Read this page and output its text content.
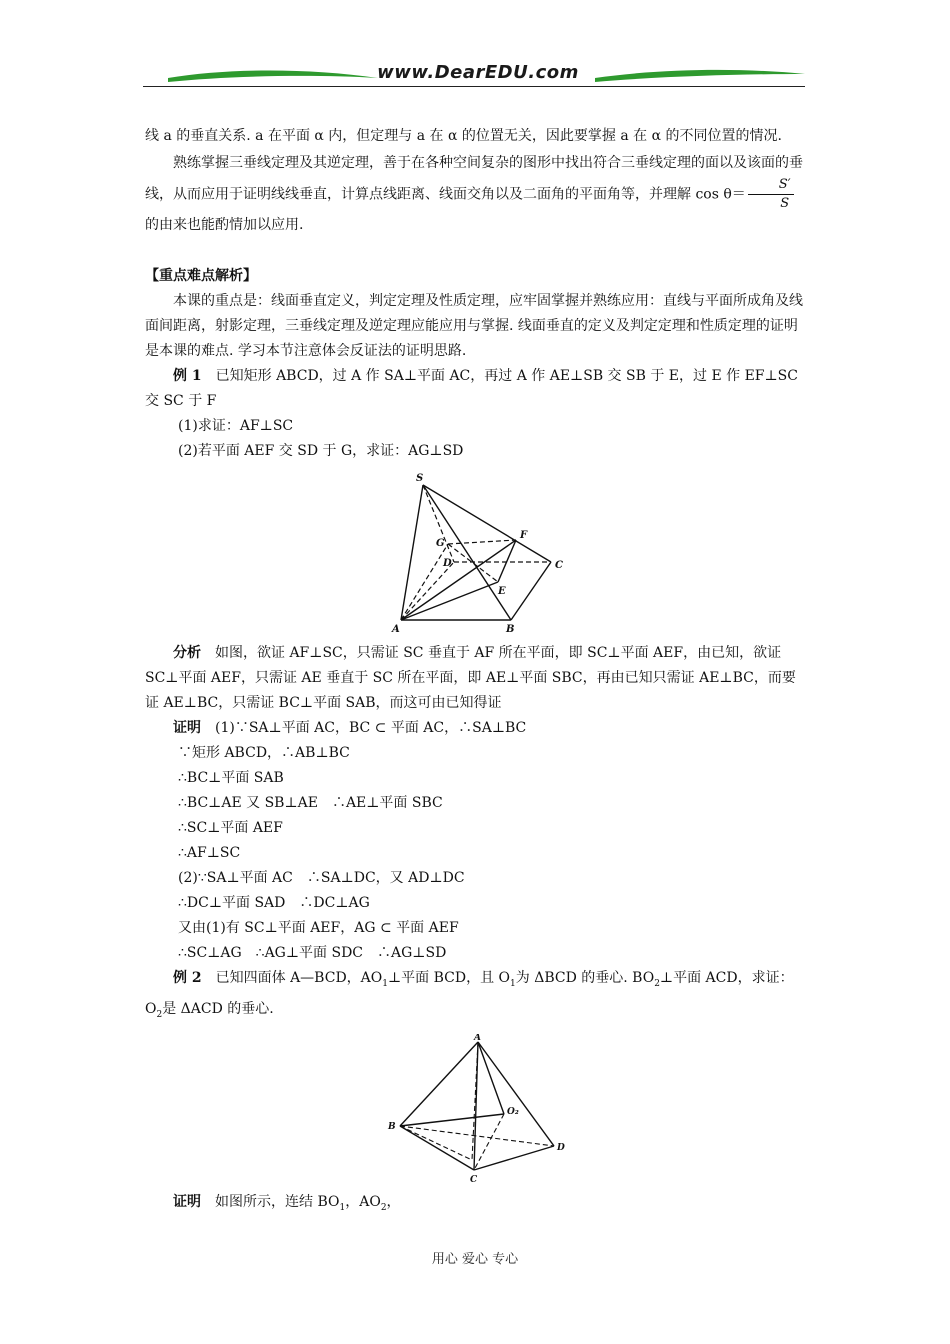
www.DearEDU.com

线 a 的垂直关系. a 在平面 α 内，但定理与 a 在 α 的位置无关，因此要掌握 a 在 α 的不同位置的情况.

熟练掌握三垂线定理及其逆定理，善于在各种空间复杂的图形中找出符合三垂线定理的面以及该面的垂线，从而应用于证明线线垂直，计算点线距离、线面交角以及二面角的平面角等，并理解 $\cos \theta= \frac{S'}{S}$
的由来也能酌情加以应用.

【重点难点解析】

本课的重点是：线面垂直定义，判定定理及性质定理，应牢固掌握并熟练应用：直线与平面所成角及线面间距离，射影定理，三垂线定理及逆定理应能应用与掌握. 线面垂直的定义及判定定理和性质定理的证明是本课的难点. 学习本节注意体会反证法的证明思路.

例 1　 已知矩形 ABCD，过 A 作 SA⊥平面 AC，再过 A 作 AE⊥SB 交 SB 于 E，过 E 作 EF⊥SC 交 SC 于 F

(1)求证：AF⊥SC

(2)若平面 AEF 交 SD 于 G，求证：AG⊥SD

S
G
F
D	C
E
A	B

分析　 如图，欲证 AF⊥SC，只需证 SC 垂直于 AF 所在平面，即 SC⊥平面 AEF，由已知，欲证 SC⊥平面 AEF，只需证 AE 垂直于 SC 所在平面，即 AE⊥平面 SBC，再由已知只需证 AE⊥BC，而要证 AE⊥BC，只需证 BC⊥平面 SAB，而这可由已知得证

证明　 (1)∵SA⊥平面 AC，BC ⊂ 平面 AC，∴SA⊥BC

∵矩形 ABCD，∴AB⊥BC

∴BC⊥平面 SAB

∴BC⊥AE 又 SB⊥AE　∴AE⊥平面 SBC

∴SC⊥平面 AEF

∴AF⊥SC

(2)∵SA⊥平面 AC　∴SA⊥DC，又 AD⊥DC

∴DC⊥平面 SAD　∴DC⊥AG

又由(1)有 SC⊥平面 AEF，AG ⊂ 平面 AEF

∴SC⊥AG　∴AG⊥平面 SDC　∴AG⊥SD

例 2　 已知四面体 A—BCD，$AO_1\perp$平面 BCD，且 $O_1$为 ΔBCD 的垂心. $BO_2\perp$平面 ACD，求证：$O_2$是 ΔACD 的垂心.

A
B
C
D
O₂

证明　 如图所示，连结 $BO_1$，$AO_2$，

用心 爱心 专心
